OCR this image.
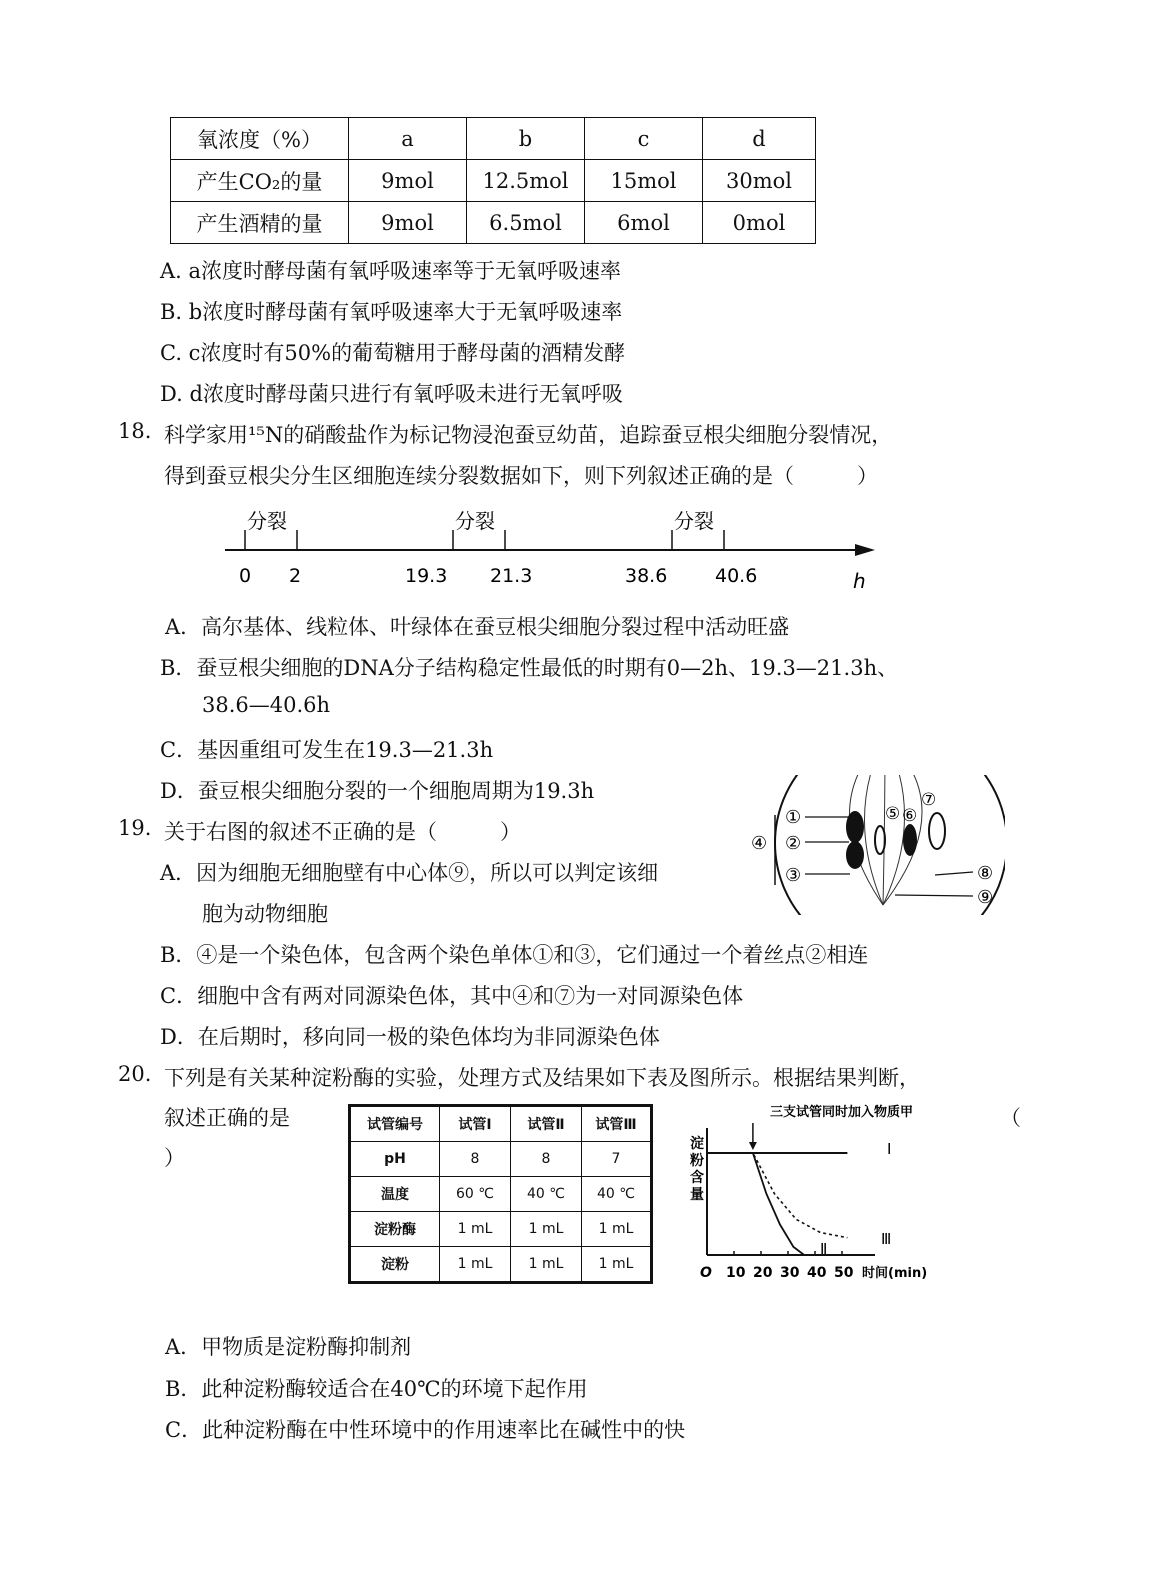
氧浓度（%）	a	b	c	d
产生CO₂的量	9mol	12.5mol	15mol	30mol
产生酒精的量	9mol	6.5mol	6mol	0mol
A. a浓度时酵母菌有氧呼吸速率等于无氧呼吸速率
B. b浓度时酵母菌有氧呼吸速率大于无氧呼吸速率
C. c浓度时有50%的葡萄糖用于酵母菌的酒精发酵
D. d浓度时酵母菌只进行有氧呼吸未进行无氧呼吸
18. 科学家用¹⁵N的硝酸盐作为标记物浸泡蚕豆幼苗，追踪蚕豆根尖细胞分裂情况，
得到蚕豆根尖分生区细胞连续分裂数据如下，则下列叙述正确的是（　　　）
分裂	分裂	分裂
0 2	19.3 21.3	38.6	40.6	h
A．高尔基体、线粒体、叶绿体在蚕豆根尖细胞分裂过程中活动旺盛
B．蚕豆根尖细胞的DNA分子结构稳定性最低的时期有0—2h、19.3—21.3h、
38.6—40.6h
C．基因重组可发生在19.3—21.3h
D．蚕豆根尖细胞分裂的一个细胞周期为19.3h
19. 关于右图的叙述不正确的是（　　　）
①
②
③
④
⑤ ⑥
⑦
⑧
⑨
A．因为细胞无细胞壁有中心体⑨，所以可以判定该细
胞为动物细胞
B．④是一个染色体，包含两个染色单体①和③，它们通过一个着丝点②相连
C．细胞中含有两对同源染色体，其中④和⑦为一对同源染色体
D．在后期时，移向同一极的染色体均为非同源染色体
20. 下列是有关某种淀粉酶的实验，处理方式及结果如下表及图所示。根据结果判断，
叙述正确的是	（
）
试管编号	试管Ⅰ	试管Ⅱ	试管Ⅲ
pH	8	8	7
温度	60 ℃	40 ℃	40 ℃
淀粉酶	1 mL	1 mL	1 mL
淀粉	1 mL	1 mL	1 mL
三支试管同时加入物质甲
淀粉含量
O	时间(min)
10 20 30 40 50
Ⅰ
Ⅱ
Ⅲ
A．甲物质是淀粉酶抑制剂
B．此种淀粉酶较适合在40℃的环境下起作用
C．此种淀粉酶在中性环境中的作用速率比在碱性中的快
